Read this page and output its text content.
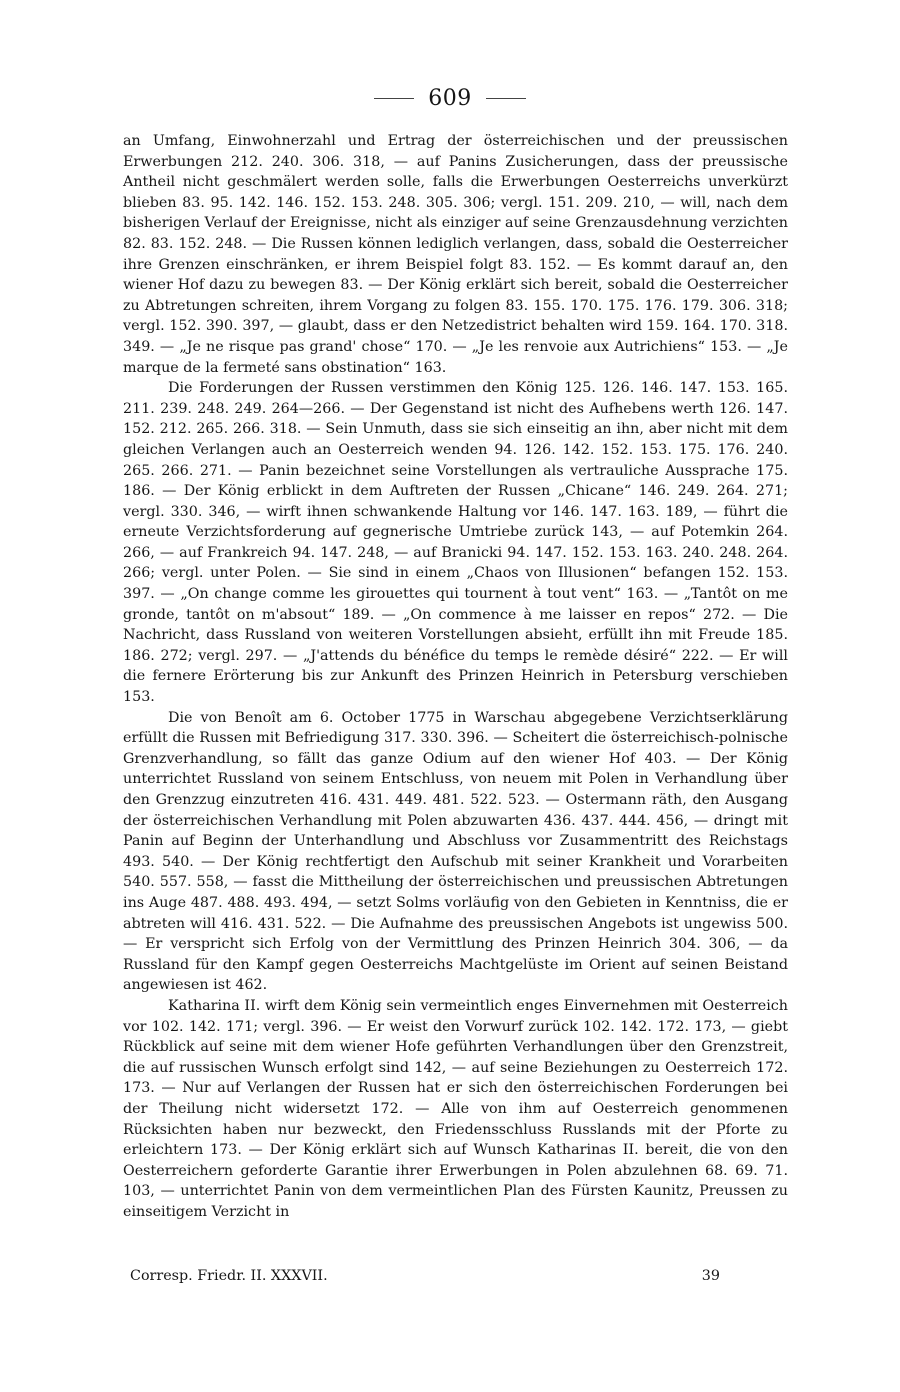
609

an Umfang, Einwohnerzahl und Ertrag der österreichischen und der preussischen Erwerbungen 212. 240. 306. 318, — auf Panins Zusicherungen, dass der preussische Antheil nicht geschmälert werden solle, falls die Erwerbungen Oesterreichs unverkürzt blieben 83. 95. 142. 146. 152. 153. 248. 305. 306; vergl. 151. 209. 210, — will, nach dem bisherigen Verlauf der Ereignisse, nicht als einziger auf seine Grenzausdehnung verzichten 82. 83. 152. 248. — Die Russen können lediglich verlangen, dass, sobald die Oesterreicher ihre Grenzen einschränken, er ihrem Beispiel folgt 83. 152. — Es kommt darauf an, den wiener Hof dazu zu bewegen 83. — Der König erklärt sich bereit, sobald die Oesterreicher zu Abtretungen schreiten, ihrem Vorgang zu folgen 83. 155. 170. 175. 176. 179. 306. 318; vergl. 152. 390. 397, — glaubt, dass er den Netzedistrict behalten wird 159. 164. 170. 318. 349. — „Je ne risque pas grand' chose“ 170. — „Je les renvoie aux Autrichiens“ 153. — „Je marque de la fermeté sans obstination“ 163.

Die Forderungen der Russen verstimmen den König 125. 126. 146. 147. 153. 165. 211. 239. 248. 249. 264—266. — Der Gegenstand ist nicht des Aufhebens werth 126. 147. 152. 212. 265. 266. 318. — Sein Unmuth, dass sie sich einseitig an ihn, aber nicht mit dem gleichen Verlangen auch an Oesterreich wenden 94. 126. 142. 152. 153. 175. 176. 240. 265. 266. 271. — Panin bezeichnet seine Vorstellungen als vertrauliche Aussprache 175. 186. — Der König erblickt in dem Auftreten der Russen „Chicane“ 146. 249. 264. 271; vergl. 330. 346, — wirft ihnen schwankende Haltung vor 146. 147. 163. 189, — führt die erneute Verzichtsforderung auf gegnerische Umtriebe zurück 143, — auf Potemkin 264. 266, — auf Frankreich 94. 147. 248, — auf Branicki 94. 147. 152. 153. 163. 240. 248. 264. 266; vergl. unter Polen. — Sie sind in einem „Chaos von Illusionen“ befangen 152. 153. 397. — „On change comme les girouettes qui tournent à tout vent“ 163. — „Tantôt on me gronde, tantôt on m'absout“ 189. — „On commence à me laisser en repos“ 272. — Die Nachricht, dass Russland von weiteren Vorstellungen absieht, erfüllt ihn mit Freude 185. 186. 272; vergl. 297. — „J'attends du bénéfice du temps le remède désiré“ 222. — Er will die fernere Erörterung bis zur Ankunft des Prinzen Heinrich in Petersburg verschieben 153.

Die von Benoît am 6. October 1775 in Warschau abgegebene Verzichtserklärung erfüllt die Russen mit Befriedigung 317. 330. 396. — Scheitert die österreichisch-polnische Grenzverhandlung, so fällt das ganze Odium auf den wiener Hof 403. — Der König unterrichtet Russland von seinem Entschluss, von neuem mit Polen in Verhandlung über den Grenzzug einzutreten 416. 431. 449. 481. 522. 523. — Ostermann räth, den Ausgang der österreichischen Verhandlung mit Polen abzuwarten 436. 437. 444. 456, — dringt mit Panin auf Beginn der Unterhandlung und Abschluss vor Zusammentritt des Reichstags 493. 540. — Der König rechtfertigt den Aufschub mit seiner Krankheit und Vorarbeiten 540. 557. 558, — fasst die Mittheilung der österreichischen und preussischen Abtretungen ins Auge 487. 488. 493. 494, — setzt Solms vorläufig von den Gebieten in Kenntniss, die er abtreten will 416. 431. 522. — Die Aufnahme des preussischen Angebots ist ungewiss 500. — Er verspricht sich Erfolg von der Vermittlung des Prinzen Heinrich 304. 306, — da Russland für den Kampf gegen Oesterreichs Machtgelüste im Orient auf seinen Beistand angewiesen ist 462.

Katharina II. wirft dem König sein vermeintlich enges Einvernehmen mit Oesterreich vor 102. 142. 171; vergl. 396. — Er weist den Vorwurf zurück 102. 142. 172. 173, — giebt Rückblick auf seine mit dem wiener Hofe geführten Verhandlungen über den Grenzstreit, die auf russischen Wunsch erfolgt sind 142, — auf seine Beziehungen zu Oesterreich 172. 173. — Nur auf Verlangen der Russen hat er sich den österreichischen Forderungen bei der Theilung nicht widersetzt 172. — Alle von ihm auf Oesterreich genommenen Rücksichten haben nur bezweckt, den Friedensschluss Russlands mit der Pforte zu erleichtern 173. — Der König erklärt sich auf Wunsch Katharinas II. bereit, die von den Oesterreichern geforderte Garantie ihrer Erwerbungen in Polen abzulehnen 68. 69. 71. 103, — unterrichtet Panin von dem vermeintlichen Plan des Fürsten Kaunitz, Preussen zu einseitigem Verzicht in

Corresp. Friedr. II. XXXVII.	39
